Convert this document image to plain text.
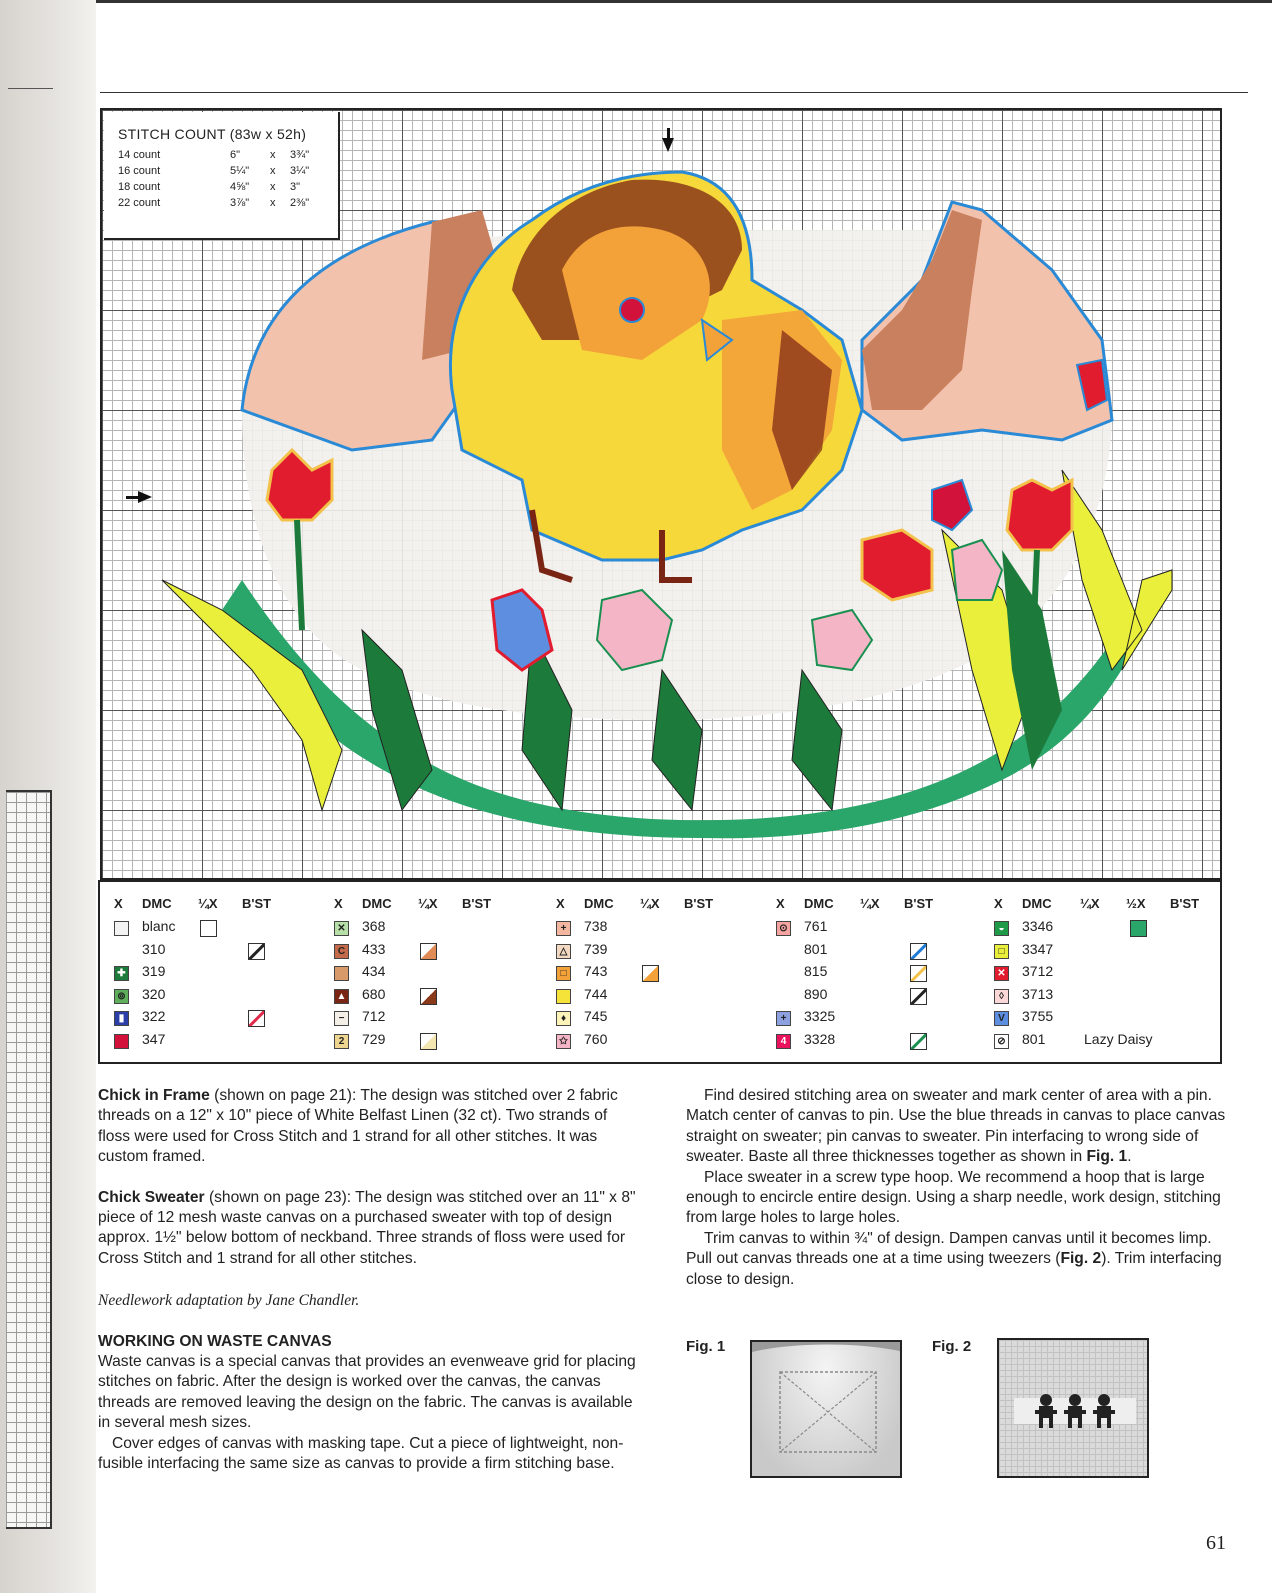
STITCH COUNT (83w x 52h)
14 count	6"	x	3¾"
16 count	5¼"	x	3¼"
18 count	4⅝"	x	3"
22 count	3⅞"	x	2⅜"
X DMC ¼X B'ST
blanc
310
✚ 319
⊚ 320
▮	322
347
X DMC ¼X B'ST
✕ 368
C 433
434
▲ 680
−	712
2	729
X DMC ¼X B'ST
+	738
△ 739
□	743
744
♦	745
✩ 760
X DMC ¼X B'ST
⊙ 761
801
815
890
+	3325
4	3328
X DMC ¼X ½X B'ST
◒	3346
□	3347
✕ 3712
◊	3713
V 3755
⊘ 801	Lazy Daisy

Chick in Frame (shown on page 21): The design was stitched over 2 fabric threads on a 12" x 10" piece of White Belfast Linen (32 ct). Two strands of floss were used for Cross Stitch and 1 strand for all other stitches. It was custom framed.

Chick Sweater (shown on page 23): The design was stitched over an 11" x 8" piece of 12 mesh waste canvas on a purchased sweater with top of design approx. 1½" below bottom of neckband. Three strands of floss were used for Cross Stitch and 1 strand for all other stitches.

Needlework adaptation by Jane Chandler.

WORKING ON WASTE CANVAS

Waste canvas is a special canvas that provides an evenweave grid for placing stitches on fabric. After the design is worked over the canvas, the canvas threads are removed leaving the design on the fabric. The canvas is available in several mesh sizes.

Cover edges of canvas with masking tape. Cut a piece of lightweight, non-fusible interfacing the same size as canvas to provide a firm stitching base.

Find desired stitching area on sweater and mark center of area with a pin. Match center of canvas to pin. Use the blue threads in canvas to place canvas straight on sweater; pin canvas to sweater. Pin interfacing to wrong side of sweater. Baste all three thicknesses together as shown in Fig. 1.

Place sweater in a screw type hoop. We recommend a hoop that is large enough to encircle entire design. Using a sharp needle, work design, stitching from large holes to large holes.

Trim canvas to within ¾" of design. Dampen canvas until it becomes limp. Pull out canvas threads one at a time using tweezers (Fig. 2). Trim interfacing close to design.

Fig. 1	Fig. 2
61
